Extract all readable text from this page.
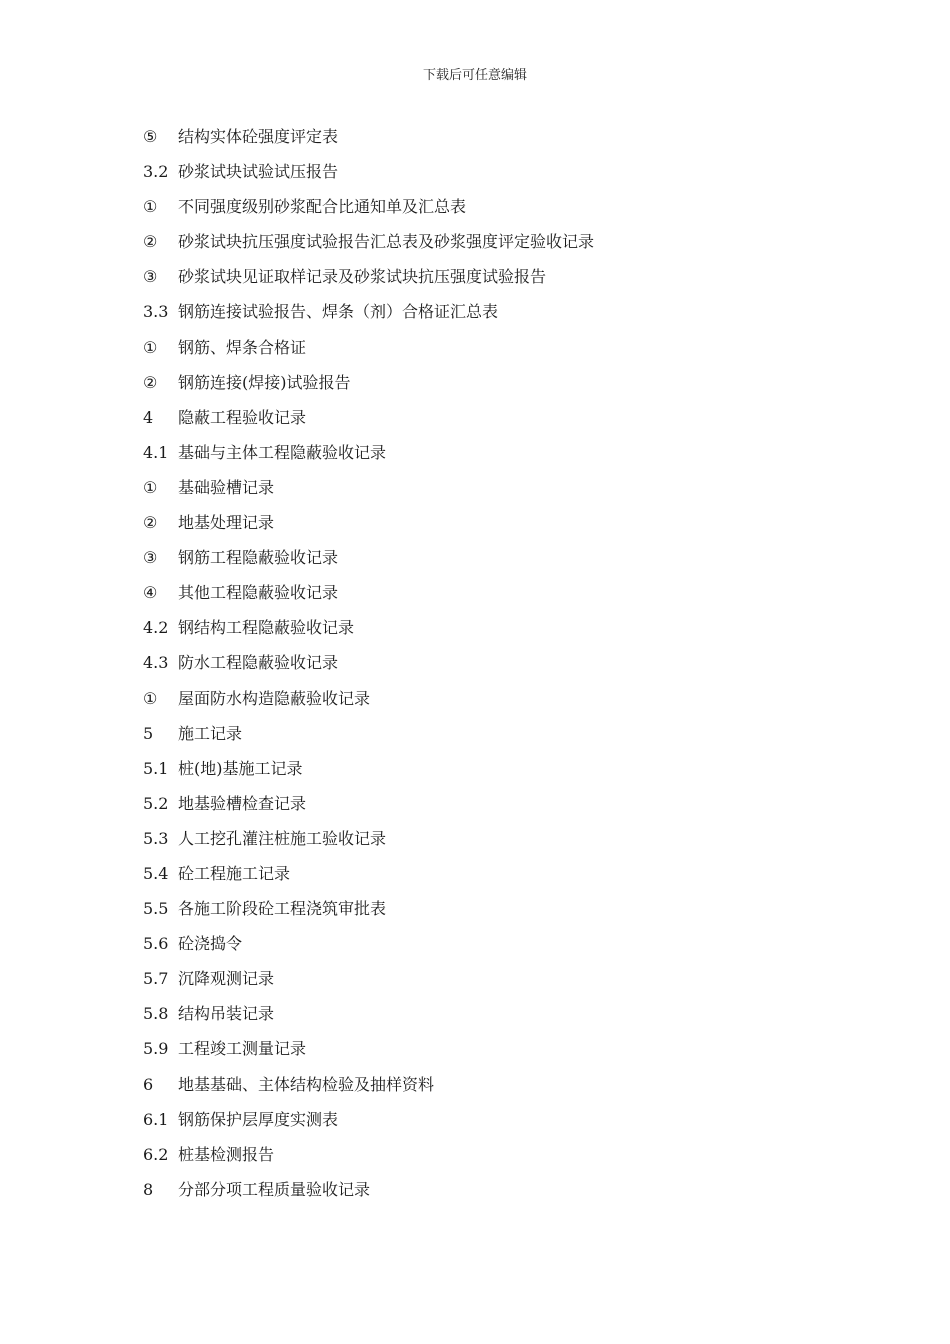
下载后可任意编辑
⑤	结构实体砼强度评定表
3.2 砂浆试块试验试压报告
①	不同强度级别砂浆配合比通知单及汇总表
②	砂浆试块抗压强度试验报告汇总表及砂浆强度评定验收记录
③	砂浆试块见证取样记录及砂浆试块抗压强度试验报告
3.3 钢筋连接试验报告、焊条（剂）合格证汇总表
①	钢筋、焊条合格证
②	钢筋连接(焊接)试验报告
4	隐蔽工程验收记录
4.1 基础与主体工程隐蔽验收记录
①	基础验槽记录
②	地基处理记录
③	钢筋工程隐蔽验收记录
④	其他工程隐蔽验收记录
4.2 钢结构工程隐蔽验收记录
4.3 防水工程隐蔽验收记录
①	屋面防水构造隐蔽验收记录
5	施工记录
5.1 桩(地)基施工记录
5.2 地基验槽检查记录
5.3 人工挖孔灌注桩施工验收记录
5.4 砼工程施工记录
5.5 各施工阶段砼工程浇筑审批表
5.6 砼浇捣令
5.7 沉降观测记录
5.8 结构吊装记录
5.9 工程竣工测量记录
6	地基基础、主体结构检验及抽样资料
6.1 钢筋保护层厚度实测表
6.2 桩基检测报告
8	分部分项工程质量验收记录
